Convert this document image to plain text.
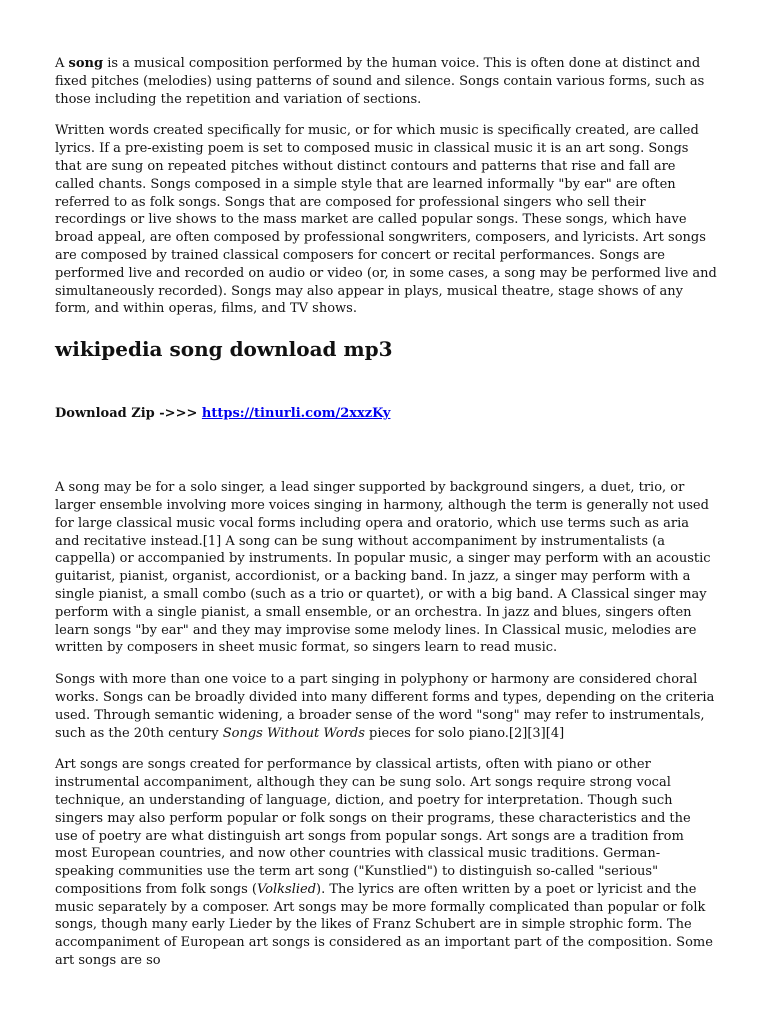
A song is a musical composition performed by the human voice. This is often done at distinct and fixed pitches (melodies) using patterns of sound and silence. Songs contain various forms, such as those including the repetition and variation of sections.

Written words created specifically for music, or for which music is specifically created, are called lyrics. If a pre-existing poem is set to composed music in classical music it is an art song. Songs that are sung on repeated pitches without distinct contours and patterns that rise and fall are called chants. Songs composed in a simple style that are learned informally "by ear" are often referred to as folk songs. Songs that are composed for professional singers who sell their recordings or live shows to the mass market are called popular songs. These songs, which have broad appeal, are often composed by professional songwriters, composers, and lyricists. Art songs are composed by trained classical composers for concert or recital performances. Songs are performed live and recorded on audio or video (or, in some cases, a song may be performed live and simultaneously recorded). Songs may also appear in plays, musical theatre, stage shows of any form, and within operas, films, and TV shows.

wikipedia song download mp3
Download Zip ->>> https://tinurli.com/2xxzKy

A song may be for a solo singer, a lead singer supported by background singers, a duet, trio, or larger ensemble involving more voices singing in harmony, although the term is generally not used for large classical music vocal forms including opera and oratorio, which use terms such as aria and recitative instead.[1] A song can be sung without accompaniment by instrumentalists (a cappella) or accompanied by instruments. In popular music, a singer may perform with an acoustic guitarist, pianist, organist, accordionist, or a backing band. In jazz, a singer may perform with a single pianist, a small combo (such as a trio or quartet), or with a big band. A Classical singer may perform with a single pianist, a small ensemble, or an orchestra. In jazz and blues, singers often learn songs "by ear" and they may improvise some melody lines. In Classical music, melodies are written by composers in sheet music format, so singers learn to read music.

Songs with more than one voice to a part singing in polyphony or harmony are considered choral works. Songs can be broadly divided into many different forms and types, depending on the criteria used. Through semantic widening, a broader sense of the word "song" may refer to instrumentals, such as the 20th century Songs Without Words pieces for solo piano.[2][3][4]

Art songs are songs created for performance by classical artists, often with piano or other instrumental accompaniment, although they can be sung solo. Art songs require strong vocal technique, an understanding of language, diction, and poetry for interpretation. Though such singers may also perform popular or folk songs on their programs, these characteristics and the use of poetry are what distinguish art songs from popular songs. Art songs are a tradition from most European countries, and now other countries with classical music traditions. German-speaking communities use the term art song ("Kunstlied") to distinguish so-called "serious" compositions from folk songs (Volkslied). The lyrics are often written by a poet or lyricist and the music separately by a composer. Art songs may be more formally complicated than popular or folk songs, though many early Lieder by the likes of Franz Schubert are in simple strophic form. The accompaniment of European art songs is considered as an important part of the composition. Some art songs are so
